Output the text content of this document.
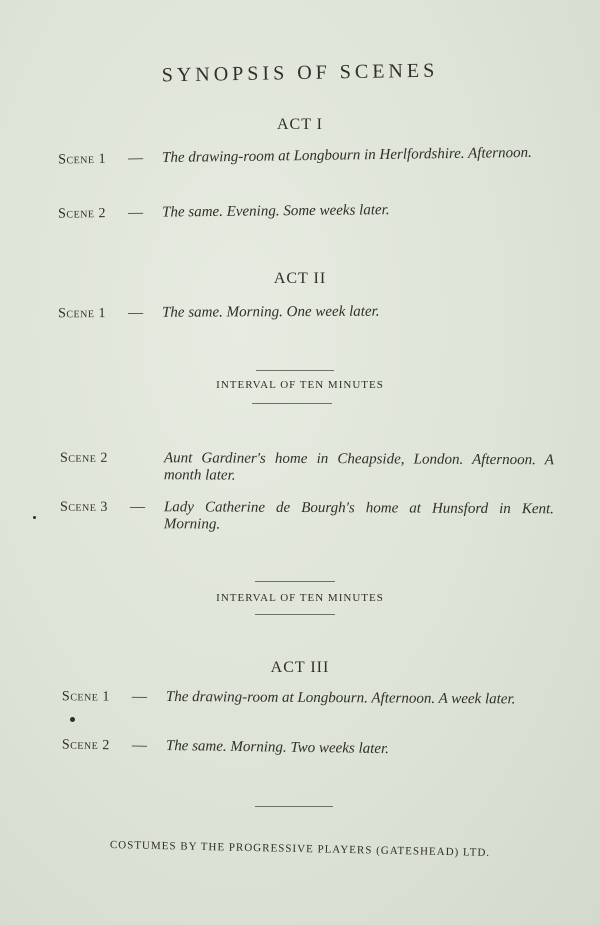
SYNOPSIS OF SCENES
ACT I
Scene 1 — The drawing-room at Longbourn in Herlfordshire. Afternoon.
Scene 2 — The same. Evening. Some weeks later.
ACT II
Scene 1 — The same. Morning. One week later.
INTERVAL OF TEN MINUTES
Scene 2	Aunt Gardiner's home in Cheapside, London. Afternoon. A month later.
Scene 3 — Lady Catherine de Bourgh's home at Hunsford in Kent. Morning.
INTERVAL OF TEN MINUTES
ACT III
Scene 1 — The drawing-room at Longbourn. Afternoon. A week later.
Scene 2 — The same. Morning. Two weeks later.
COSTUMES BY THE PROGRESSIVE PLAYERS (GATESHEAD) LTD.
